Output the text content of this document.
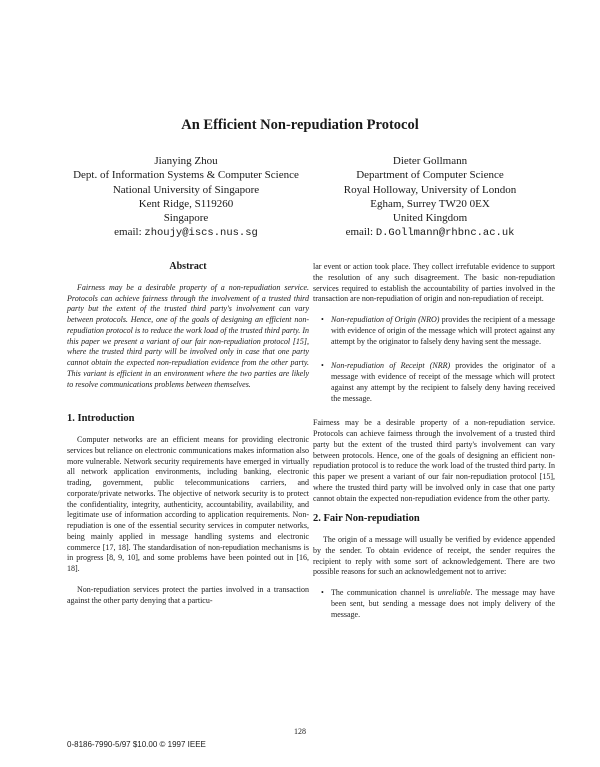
An Efficient Non-repudiation Protocol
Jianying Zhou
Dept. of Information Systems & Computer Science
National University of Singapore
Kent Ridge, S119260
Singapore
email: zhoujy@iscs.nus.sg
Dieter Gollmann
Department of Computer Science
Royal Holloway, University of London
Egham, Surrey TW20 0EX
United Kingdom
email: D.Gollmann@rhbnc.ac.uk

Abstract

Fairness may be a desirable property of a non-repudiation service. Protocols can achieve fairness through the involvement of a trusted third party but the extent of the trusted third party's involvement can vary between protocols. Hence, one of the goals of designing an efficient non-repudiation protocol is to reduce the work load of the trusted third party. In this paper we present a variant of our fair non-repudiation protocol [15], where the trusted third party will be involved only in case that one party cannot obtain the expected non-repudiation evidence from the other party. This variant is efficient in an environment where the two parties are likely to resolve communications problems between themselves.

1. Introduction

Computer networks are an efficient means for providing electronic services but reliance on electronic communications makes information also more vulnerable. Network security requirements have emerged in virtually all network application environments, including banking, electronic trading, government, public telecommunications carriers, and corporate/private networks. The objective of network security is to protect the confidentiality, integrity, authenticity, accountability, availability, and legitimate use of information according to application requirements. Non-repudiation is one of the essential security services in computer networks, being mainly applied in message handling systems and electronic commerce [17, 18]. The standardisation of non-repudiation mechanisms is in progress [8, 9, 10], and some problems have been pointed out in [16, 18].

Non-repudiation services protect the parties involved in a transaction against the other party denying that a particu-

lar event or action took place. They collect irrefutable evidence to support the resolution of any such disagreement. The basic non-repudiation services required to establish the accountability of parties involved in the transaction are non-repudiation of origin and non-repudiation of receipt.

• Non-repudiation of Origin (NRO) provides the recipient of a message with evidence of origin of the message which will protect against any attempt by the originator to falsely deny having sent the message.
• Non-repudiation of Receipt (NRR) provides the originator of a message with evidence of receipt of the message which will protect against any attempt by the recipient to falsely deny having received the message.

Fairness may be a desirable property of a non-repudiation service. Protocols can achieve fairness through the involvement of a trusted third party but the extent of the trusted third party's involvement can vary between protocols. Hence, one of the goals of designing an efficient non-repudiation protocol is to reduce the work load of the trusted third party. In this paper we present a variant of our fair non-repudiation protocol [15], where the trusted third party will be involved only in case that one party cannot obtain the expected non-repudiation evidence from the other party.

2. Fair Non-repudiation

The origin of a message will usually be verified by evidence appended by the sender. To obtain evidence of receipt, the sender requires the recipient to reply with some sort of acknowledgement. There are two possible reasons for such an acknowledgement not to arrive:

• The communication channel is unreliable. The message may have been sent, but sending a message does not imply delivery of the message.
128
0-8186-7990-5/97 $10.00 © 1997 IEEE
